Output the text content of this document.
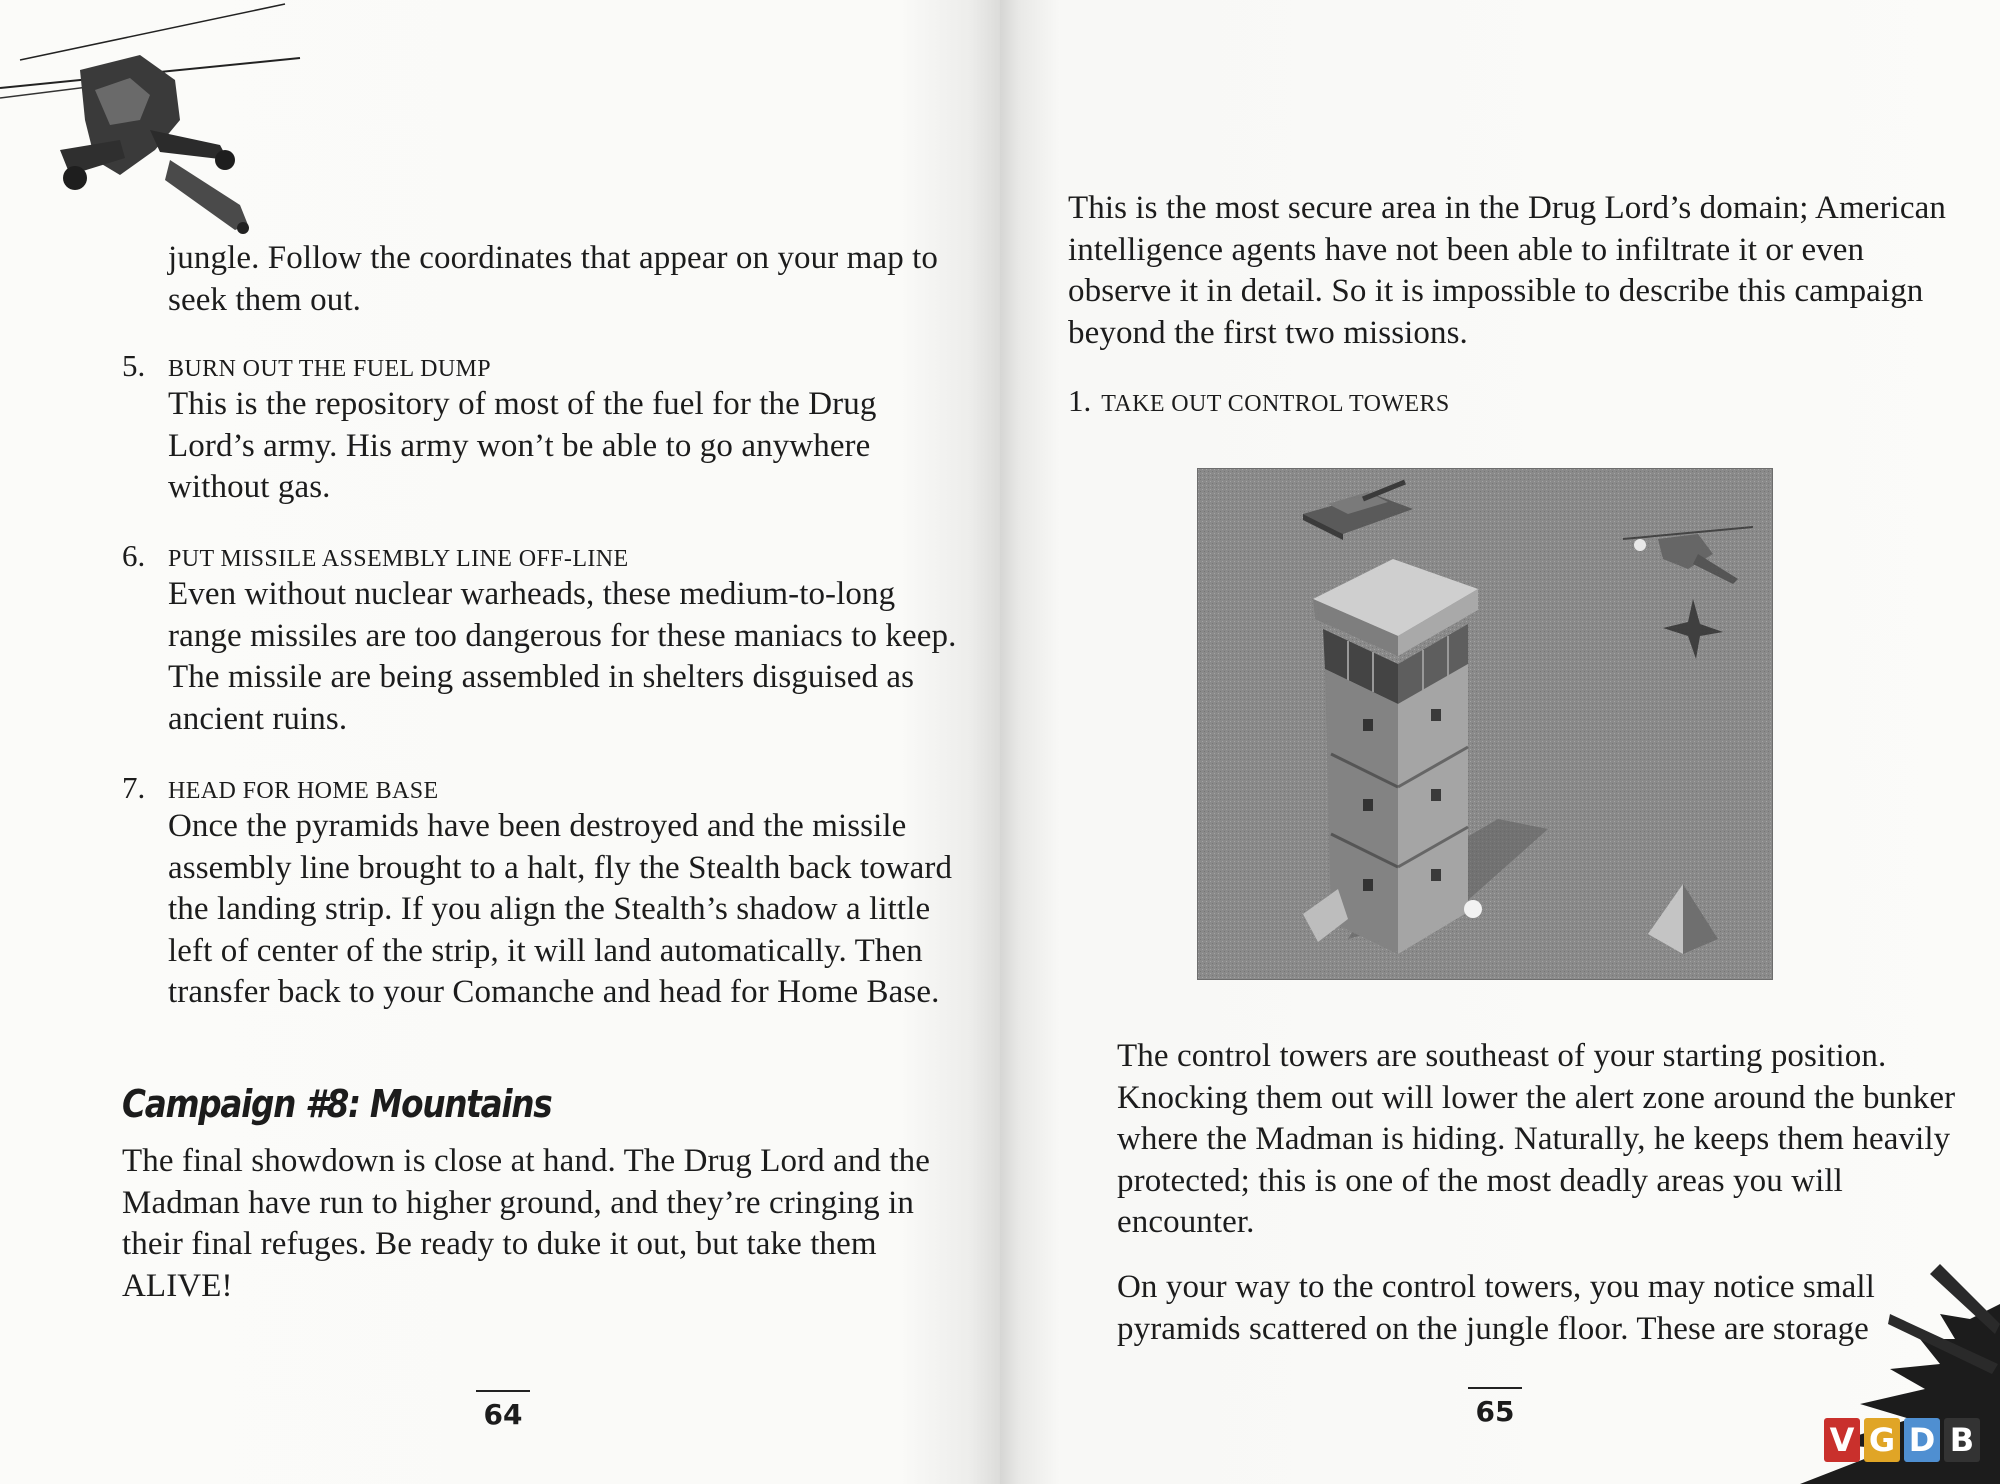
jungle. Follow the coordinates that appear on your map to seek them out.

5. BURN OUT THE FUEL DUMP

This is the repository of most of the fuel for the Drug Lord’s army. His army won’t be able to go anywhere without gas.

6. PUT MISSILE ASSEMBLY LINE OFF-LINE

Even without nuclear warheads, these medium-to-long range missiles are too dangerous for these maniacs to keep. The missile are being assembled in shelters disguised as ancient ruins.

7. HEAD FOR HOME BASE

Once the pyramids have been destroyed and the missile assembly line brought to a halt, fly the Stealth back toward the landing strip. If you align the Stealth’s shadow a little left of center of the strip, it will land automatically. Then transfer back to your Comanche and head for Home Base.

Campaign #8: Mountains

The final showdown is close at hand. The Drug Lord and the Madman have run to higher ground, and they’re cringing in their final refuges. Be ready to duke it out, but take them ALIVE!

64

This is the most secure area in the Drug Lord’s domain; American intelligence agents have not been able to infiltrate it or even observe it in detail. So it is impossible to describe this campaign beyond the first two missions.

1. TAKE OUT CONTROL TOWERS

The control towers are southeast of your starting position. Knocking them out will lower the alert zone around the bunker where the Madman is hiding. Naturally, he keeps them heavily protected; this is one of the most deadly areas you will encounter.

On your way to the control towers, you may notice small pyramids scattered on the jungle floor. These are storage

65
V G D B
